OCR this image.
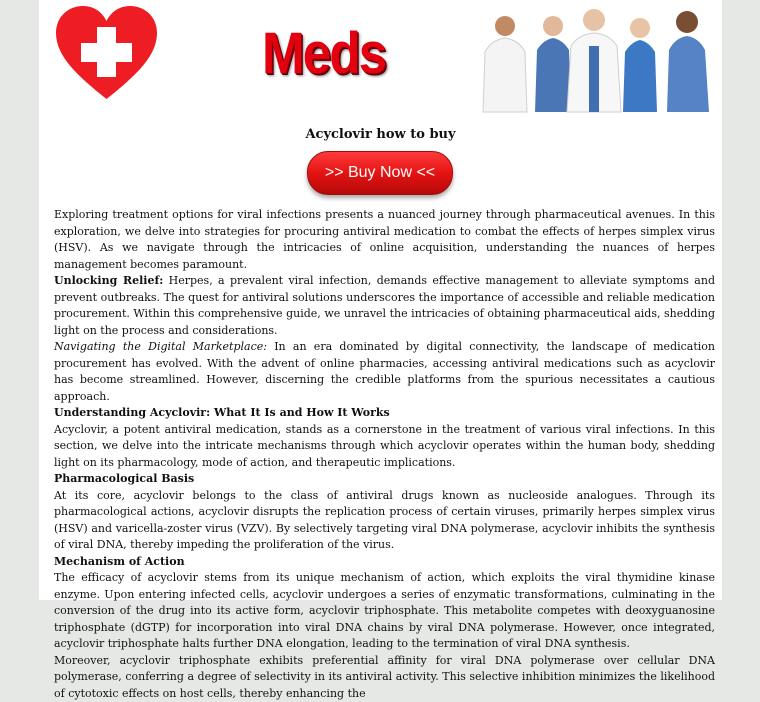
Meds
Acyclovir how to buy
>> Buy Now <<

Exploring treatment options for viral infections presents a nuanced journey through pharmaceutical avenues. In this exploration, we delve into strategies for procuring antiviral medication to combat the effects of herpes simplex virus (HSV). As we navigate through the intricacies of online acquisition, understanding the nuances of herpes management becomes paramount.

Unlocking Relief: Herpes, a prevalent viral infection, demands effective management to alleviate symptoms and prevent outbreaks. The quest for antiviral solutions underscores the importance of accessible and reliable medication procurement. Within this comprehensive guide, we unravel the intricacies of obtaining pharmaceutical aids, shedding light on the process and considerations.

Navigating the Digital Marketplace: In an era dominated by digital connectivity, the landscape of medication procurement has evolved. With the advent of online pharmacies, accessing antiviral medications such as acyclovir has become streamlined. However, discerning the credible platforms from the spurious necessitates a cautious approach.

Understanding Acyclovir: What It Is and How It Works

Acyclovir, a potent antiviral medication, stands as a cornerstone in the treatment of various viral infections. In this section, we delve into the intricate mechanisms through which acyclovir operates within the human body, shedding light on its pharmacology, mode of action, and therapeutic implications.

Pharmacological Basis

At its core, acyclovir belongs to the class of antiviral drugs known as nucleoside analogues. Through its pharmacological actions, acyclovir disrupts the replication process of certain viruses, primarily herpes simplex virus (HSV) and varicella-zoster virus (VZV). By selectively targeting viral DNA polymerase, acyclovir inhibits the synthesis of viral DNA, thereby impeding the proliferation of the virus.

Mechanism of Action

The efficacy of acyclovir stems from its unique mechanism of action, which exploits the viral thymidine kinase enzyme. Upon entering infected cells, acyclovir undergoes a series of enzymatic transformations, culminating in the conversion of the drug into its active form, acyclovir triphosphate. This metabolite competes with deoxyguanosine triphosphate (dGTP) for incorporation into viral DNA chains by viral DNA polymerase. However, once integrated, acyclovir triphosphate halts further DNA elongation, leading to the termination of viral DNA synthesis.

Moreover, acyclovir triphosphate exhibits preferential affinity for viral DNA polymerase over cellular DNA polymerase, conferring a degree of selectivity in its antiviral activity. This selective inhibition minimizes the likelihood of cytotoxic effects on host cells, thereby enhancing the
